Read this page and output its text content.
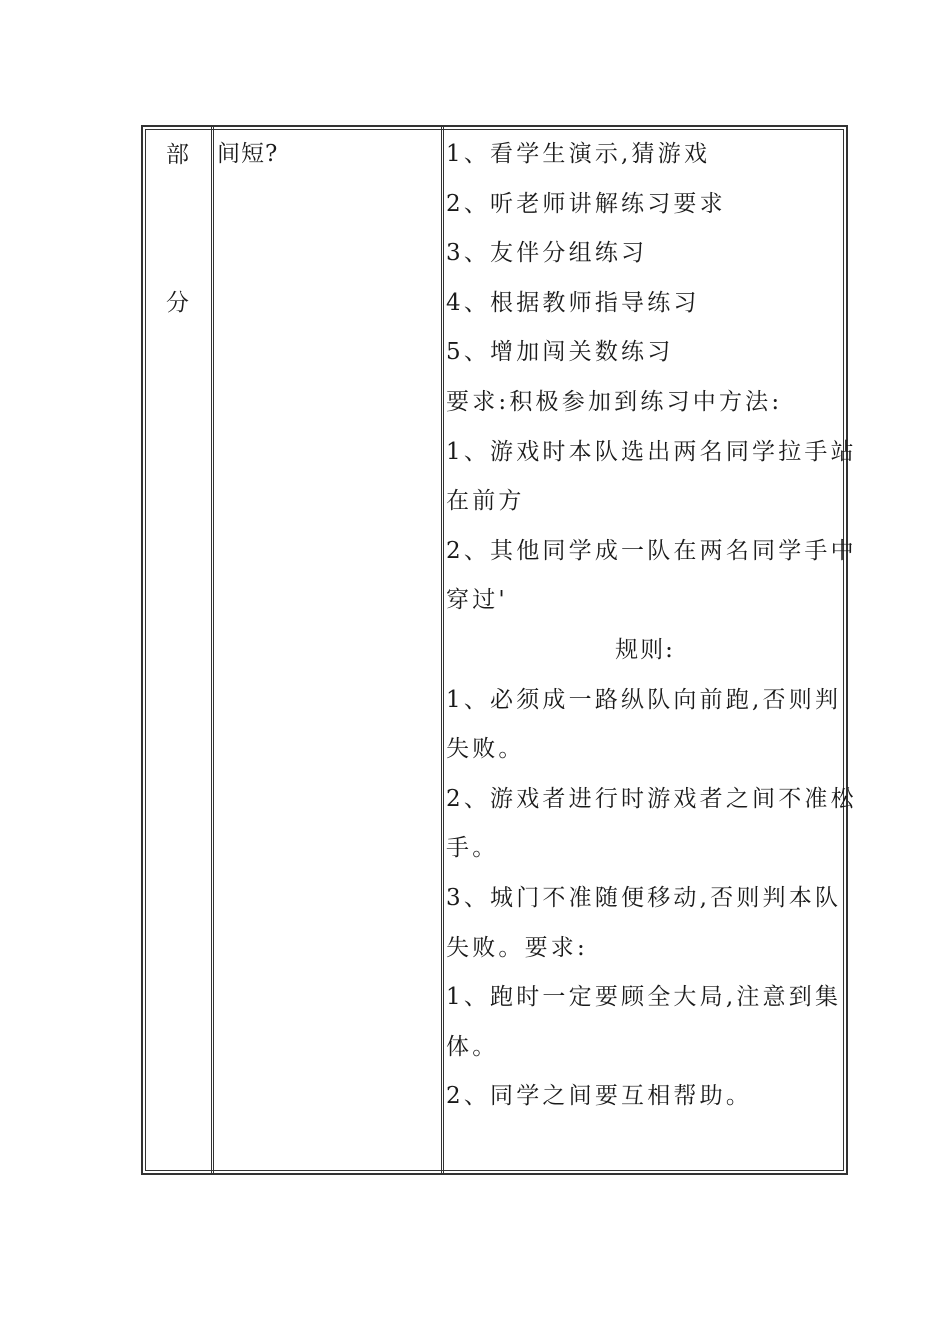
部
分
间短?	1、看学生演示,猜游戏
2、听老师讲解练习要求
3、友伴分组练习
4、根据教师指导练习
5、增加闯关数练习
要求:积极参加到练习中方法:
1、游戏时本队选出两名同学拉手站
在前方
2、其他同学成一队在两名同学手中
穿过'
规则:
1、必须成一路纵队向前跑,否则判
失败。
2、游戏者进行时游戏者之间不准松
手。
3、城门不准随便移动,否则判本队
失败。要求:
1、跑时一定要顾全大局,注意到集
体。
2、同学之间要互相帮助。
